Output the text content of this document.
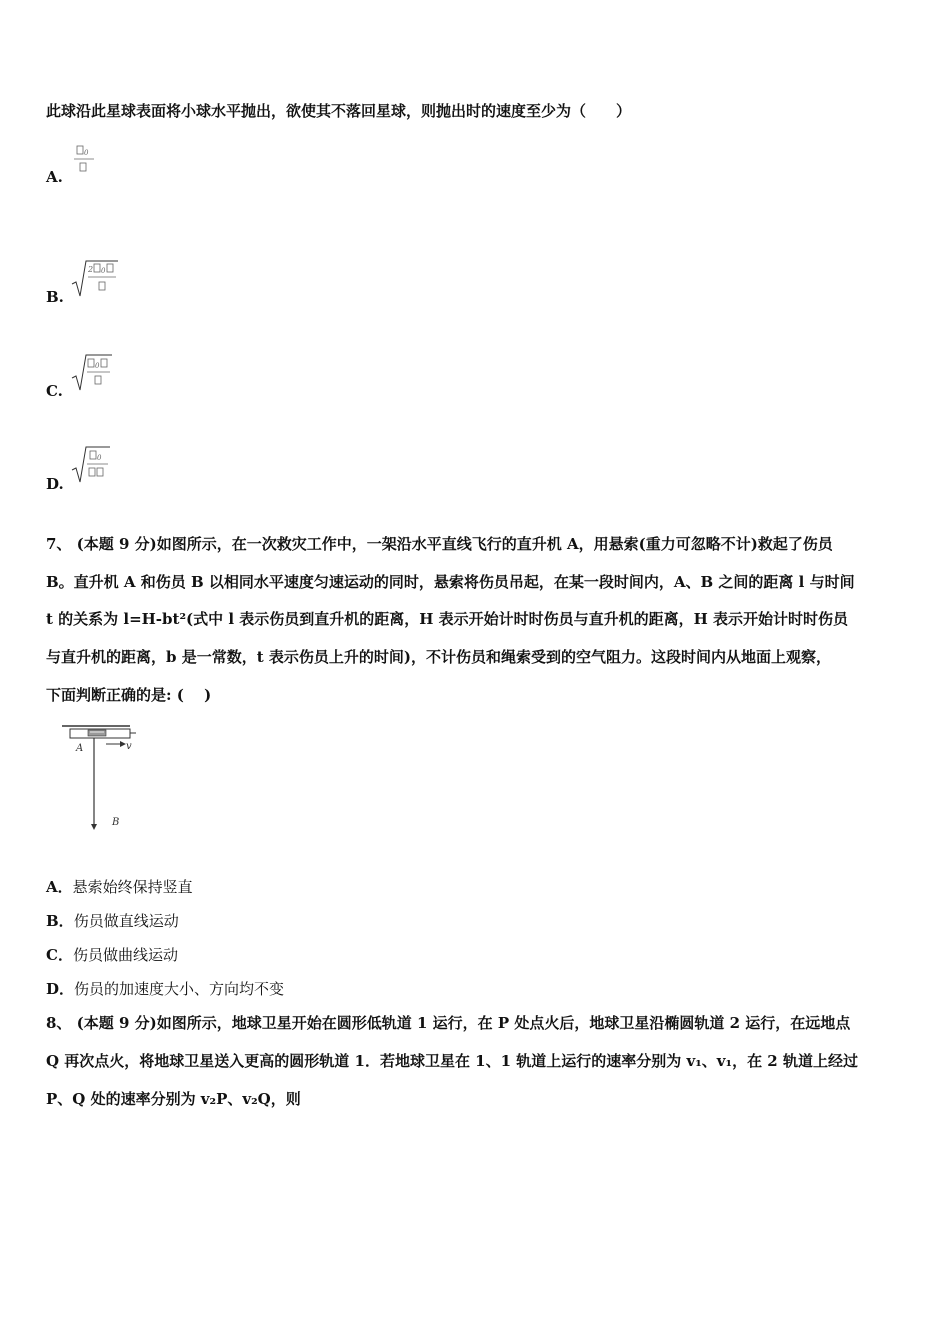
此球沿此星球表面将小球水平抛出，欲使其不落回星球，则抛出时的速度至少为（　　）
A.
0
B.
2 0
C.
0
D.
0
7、 (本题 9 分)如图所示，在一次救灾工作中，一架沿水平直线飞行的直升机 A，用悬索(重力可忽略不计)救起了伤员
B。直升机 A 和伤员 B 以相同水平速度匀速运动的同时，悬索将伤员吊起，在某一段时间内，A、B 之间的距离 l 与时间
t 的关系为 l=H-bt²(式中 l 表示伤员到直升机的距离，H 表示开始计时时伤员与直升机的距离，H 表示开始计时时伤员
与直升机的距离，b 是一常数，t 表示伤员上升的时间)，不计伤员和绳索受到的空气阻力。这段时间内从地面上观察，
下面判断正确的是: (　 )
A	v
B
A．悬索始终保持竖直
B．伤员做直线运动
C．伤员做曲线运动
D．伤员的加速度大小、方向均不变
8、 (本题 9 分)如图所示，地球卫星开始在圆形低轨道 1 运行，在 P 处点火后，地球卫星沿椭圆轨道 2 运行，在远地点
Q 再次点火，将地球卫星送入更高的圆形轨道 1．若地球卫星在 1、1 轨道上运行的速率分别为 v₁、v₁，在 2 轨道上经过
P、Q 处的速率分别为 v₂P、v₂Q，则
